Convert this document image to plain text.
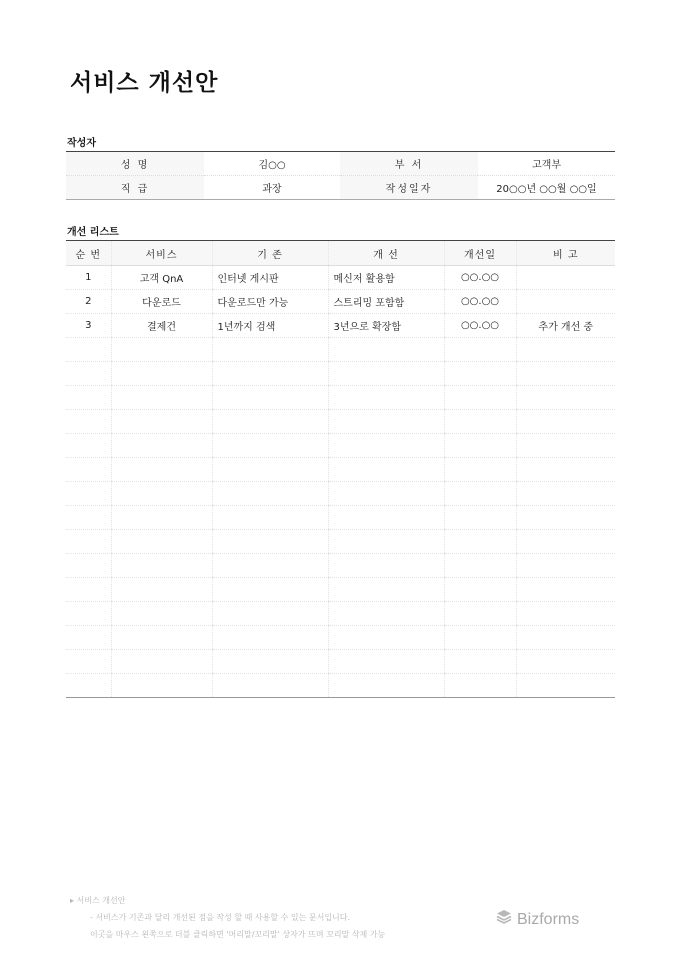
서비스 개선안
작성자
성 명	김○○	부 서	고객부
직 급	과장	작성일자	20○○년 ○○월 ○○일
개선 리스트
순 번	서비스	기 존	개 선	개선일	비 고
1	고객 QnA	인터넷 게시판	메신저 활용함	○○.○○	
2	다운로드	다운로드만 가능	스트리밍 포함함	○○.○○	
3	결제건	1년까지 검색	3년으로 확장함	○○.○○	추가 개선 중

▸ 서비스 개선안
- 서비스가 기존과 달리 개선된 점을 작성 할 때 사용할 수 있는 문서입니다.
이곳을 마우스 왼쪽으로 더블 클릭하면 '머리말/꼬리말' 상자가 뜨며 꼬리말 삭제 가능
Bizforms
